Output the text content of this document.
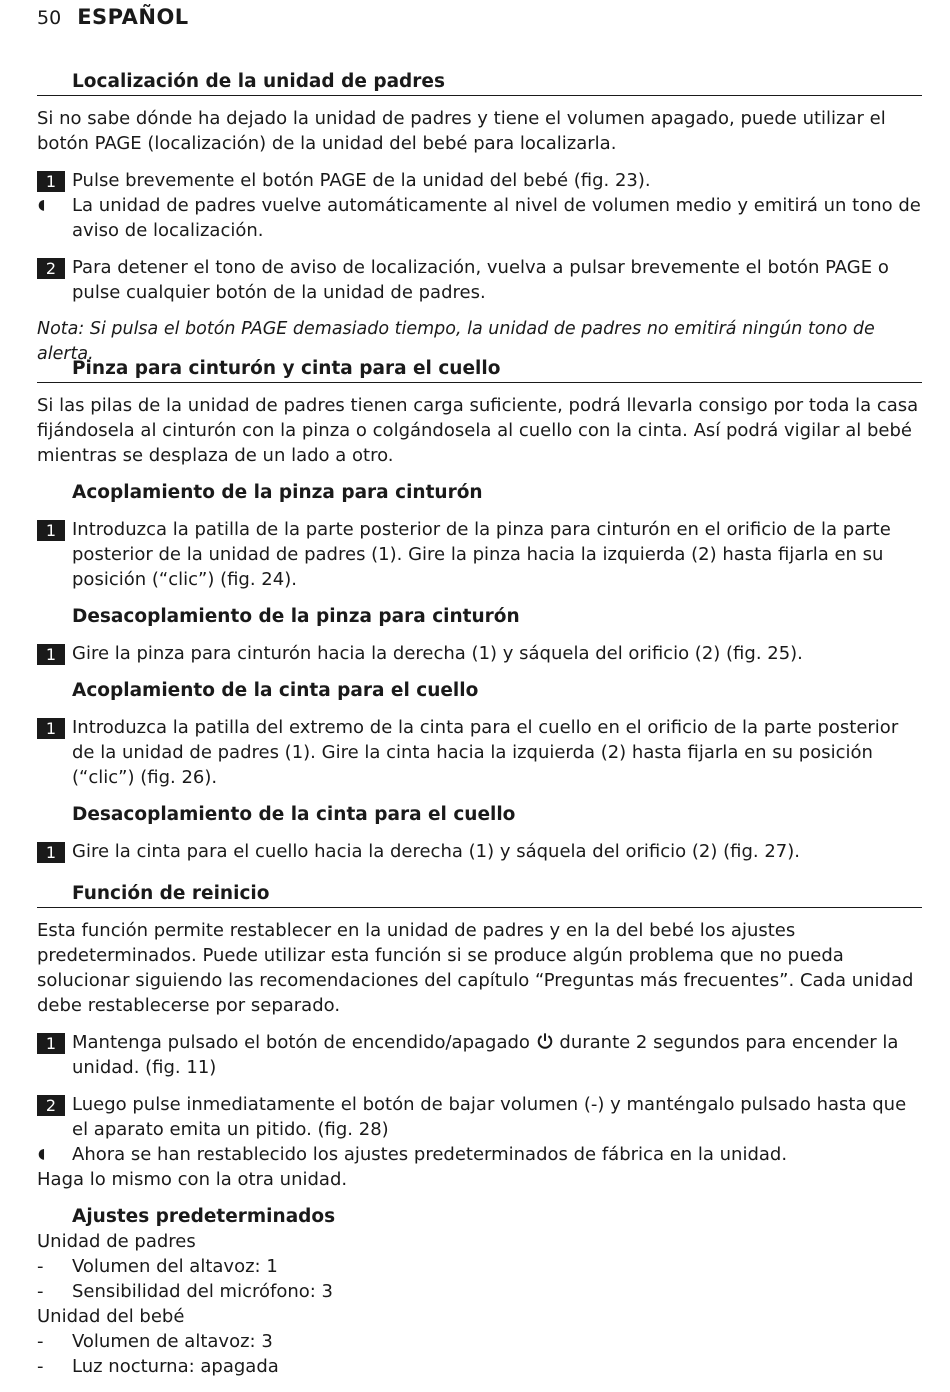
50 ESPAÑOL
Localización de la unidad de padres

Si no sabe dónde ha dejado la unidad de padres y tiene el volumen apagado, puede utilizar el botón PAGE (localización) de la unidad del bebé para localizarla.

1 Pulse brevemente el botón PAGE de la unidad del bebé (fig. 23).
◖ La unidad de padres vuelve automáticamente al nivel de volumen medio y emitirá un tono de aviso de localización.
2 Para detener el tono de aviso de localización, vuelva a pulsar brevemente el botón PAGE o pulse cualquier botón de la unidad de padres.
Nota: Si pulsa el botón PAGE demasiado tiempo, la unidad de padres no emitirá ningún tono de alerta.
Pinza para cinturón y cinta para el cuello

Si las pilas de la unidad de padres tienen carga suficiente, podrá llevarla consigo por toda la casa fijándosela al cinturón con la pinza o colgándosela al cuello con la cinta. Así podrá vigilar al bebé mientras se desplaza de un lado a otro.

Acoplamiento de la pinza para cinturón
1 Introduzca la patilla de la parte posterior de la pinza para cinturón en el orificio de la parte posterior de la unidad de padres (1). Gire la pinza hacia la izquierda (2) hasta fijarla en su posición (“clic”) (fig. 24).
Desacoplamiento de la pinza para cinturón
1 Gire la pinza para cinturón hacia la derecha (1) y sáquela del orificio (2) (fig. 25).
Acoplamiento de la cinta para el cuello
1 Introduzca la patilla del extremo de la cinta para el cuello en el orificio de la parte posterior de la unidad de padres (1). Gire la cinta hacia la izquierda (2) hasta fijarla en su posición (“clic”) (fig. 26).
Desacoplamiento de la cinta para el cuello
1 Gire la cinta para el cuello hacia la derecha (1) y sáquela del orificio (2) (fig. 27).
Función de reinicio

Esta función permite restablecer en la unidad de padres y en la del bebé los ajustes predeterminados. Puede utilizar esta función si se produce algún problema que no pueda solucionar siguiendo las recomendaciones del capítulo “Preguntas más frecuentes”. Cada unidad debe restablecerse por separado.

1 Mantenga pulsado el botón de encendido/apagado durante 2 segundos para encender la unidad. (fig. 11)
2 Luego pulse inmediatamente el botón de bajar volumen (-) y manténgalo pulsado hasta que el aparato emita un pitido. (fig. 28)
◖ Ahora se han restablecido los ajustes predeterminados de fábrica en la unidad.

Haga lo mismo con la otra unidad.

Ajustes predeterminados

Unidad de padres

- Volumen del altavoz: 1
- Sensibilidad del micrófono: 3

Unidad del bebé

- Volumen de altavoz: 3
- Luz nocturna: apagada
